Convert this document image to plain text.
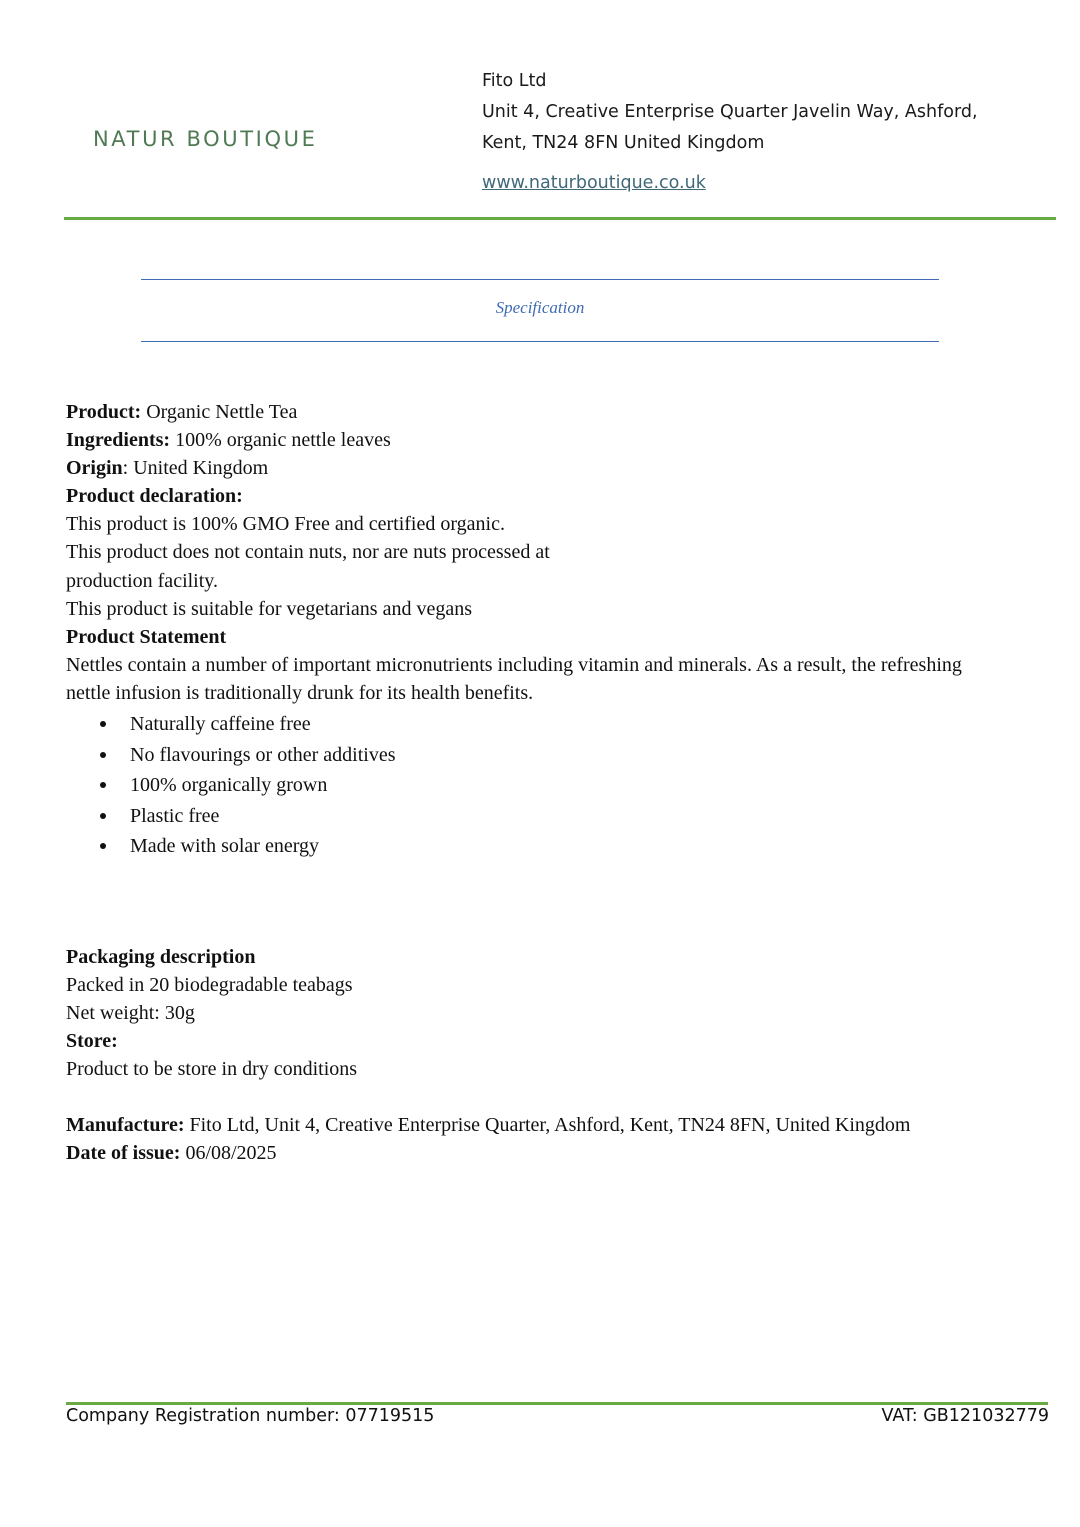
NATUR BOUTIQUE
Fito Ltd
Unit 4, Creative Enterprise Quarter Javelin Way, Ashford,
Kent, TN24 8FN United Kingdom
www.naturboutique.co.uk
Specification

Product: Organic Nettle Tea

Ingredients: 100% organic nettle leaves

Origin: United Kingdom

Product declaration:

This product is 100% GMO Free and certified organic.

This product does not contain nuts, nor are nuts processed at

production facility.

This product is suitable for vegetarians and vegans

Product Statement

Nettles contain a number of important micronutrients including vitamin and minerals. As a result, the refreshing nettle infusion is traditionally drunk for its health benefits.

Naturally caffeine free
No flavourings or other additives
100% organically grown
Plastic free
Made with solar energy

Packaging description

Packed in 20 biodegradable teabags

Net weight: 30g

Store:

Product to be store in dry conditions

Manufacture: Fito Ltd, Unit 4, Creative Enterprise Quarter, Ashford, Kent, TN24 8FN, United Kingdom

Date of issue: 06/08/2025

Company Registration number: 07719515	VAT: GB121032779
